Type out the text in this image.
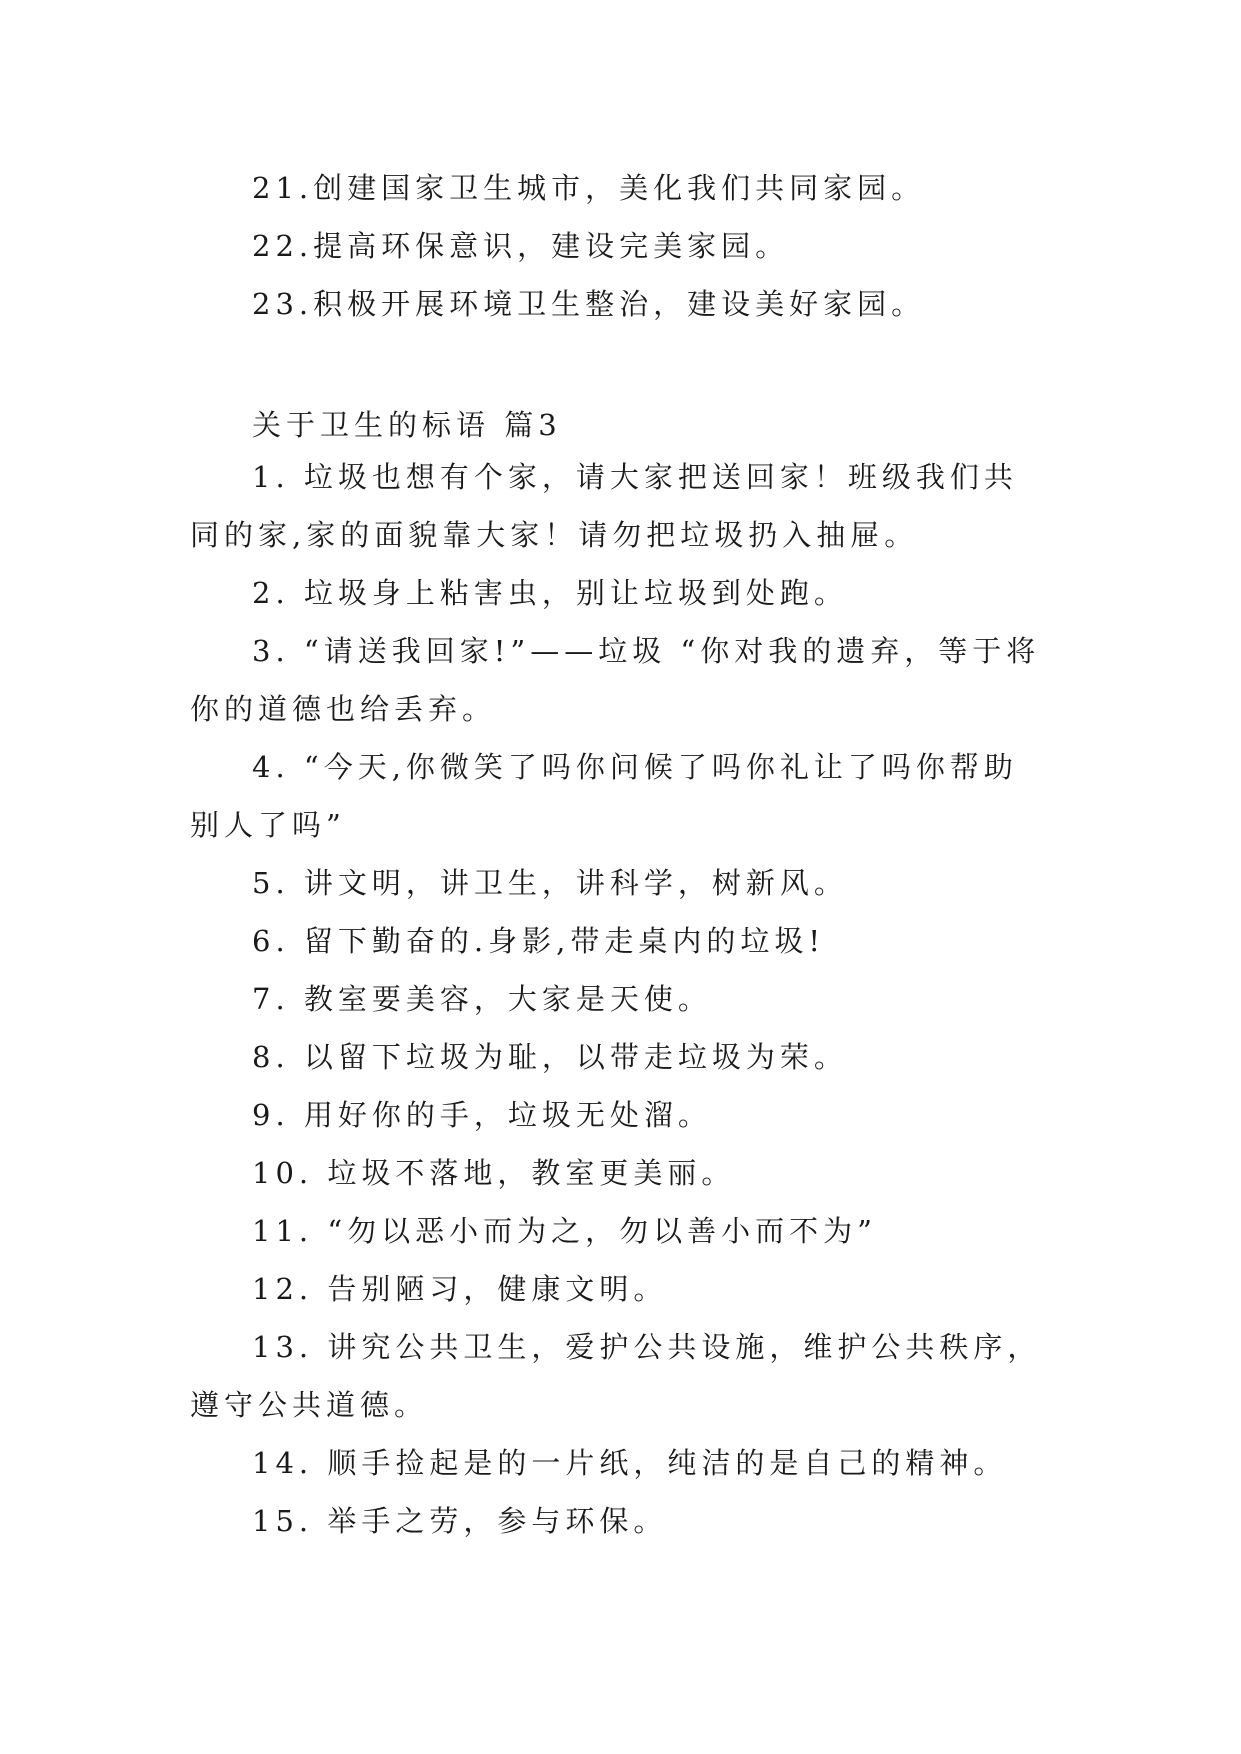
21.创建国家卫生城市，美化我们共同家园。

22.提高环保意识，建设完美家园。

23.积极开展环境卫生整治，建设美好家园。

关于卫生的标语 篇3

1. 垃圾也想有个家，请大家把送回家！班级我们共同的家,家的面貌靠大家！请勿把垃圾扔入抽屉。

2. 垃圾身上粘害虫，别让垃圾到处跑。

3. “请送我回家!”——垃圾 “你对我的遗弃，等于将你的道德也给丢弃。

4. “今天,你微笑了吗你问候了吗你礼让了吗你帮助别人了吗”

5. 讲文明，讲卫生，讲科学，树新风。

6. 留下勤奋的.身影,带走桌内的垃圾!

7. 教室要美容，大家是天使。

8. 以留下垃圾为耻，以带走垃圾为荣。

9. 用好你的手，垃圾无处溜。

10. 垃圾不落地，教室更美丽。

11. “勿以恶小而为之，勿以善小而不为”

12. 告别陋习，健康文明。

13. 讲究公共卫生，爱护公共设施，维护公共秩序，遵守公共道德。

14. 顺手捡起是的一片纸，纯洁的是自己的精神。

15. 举手之劳，参与环保。
